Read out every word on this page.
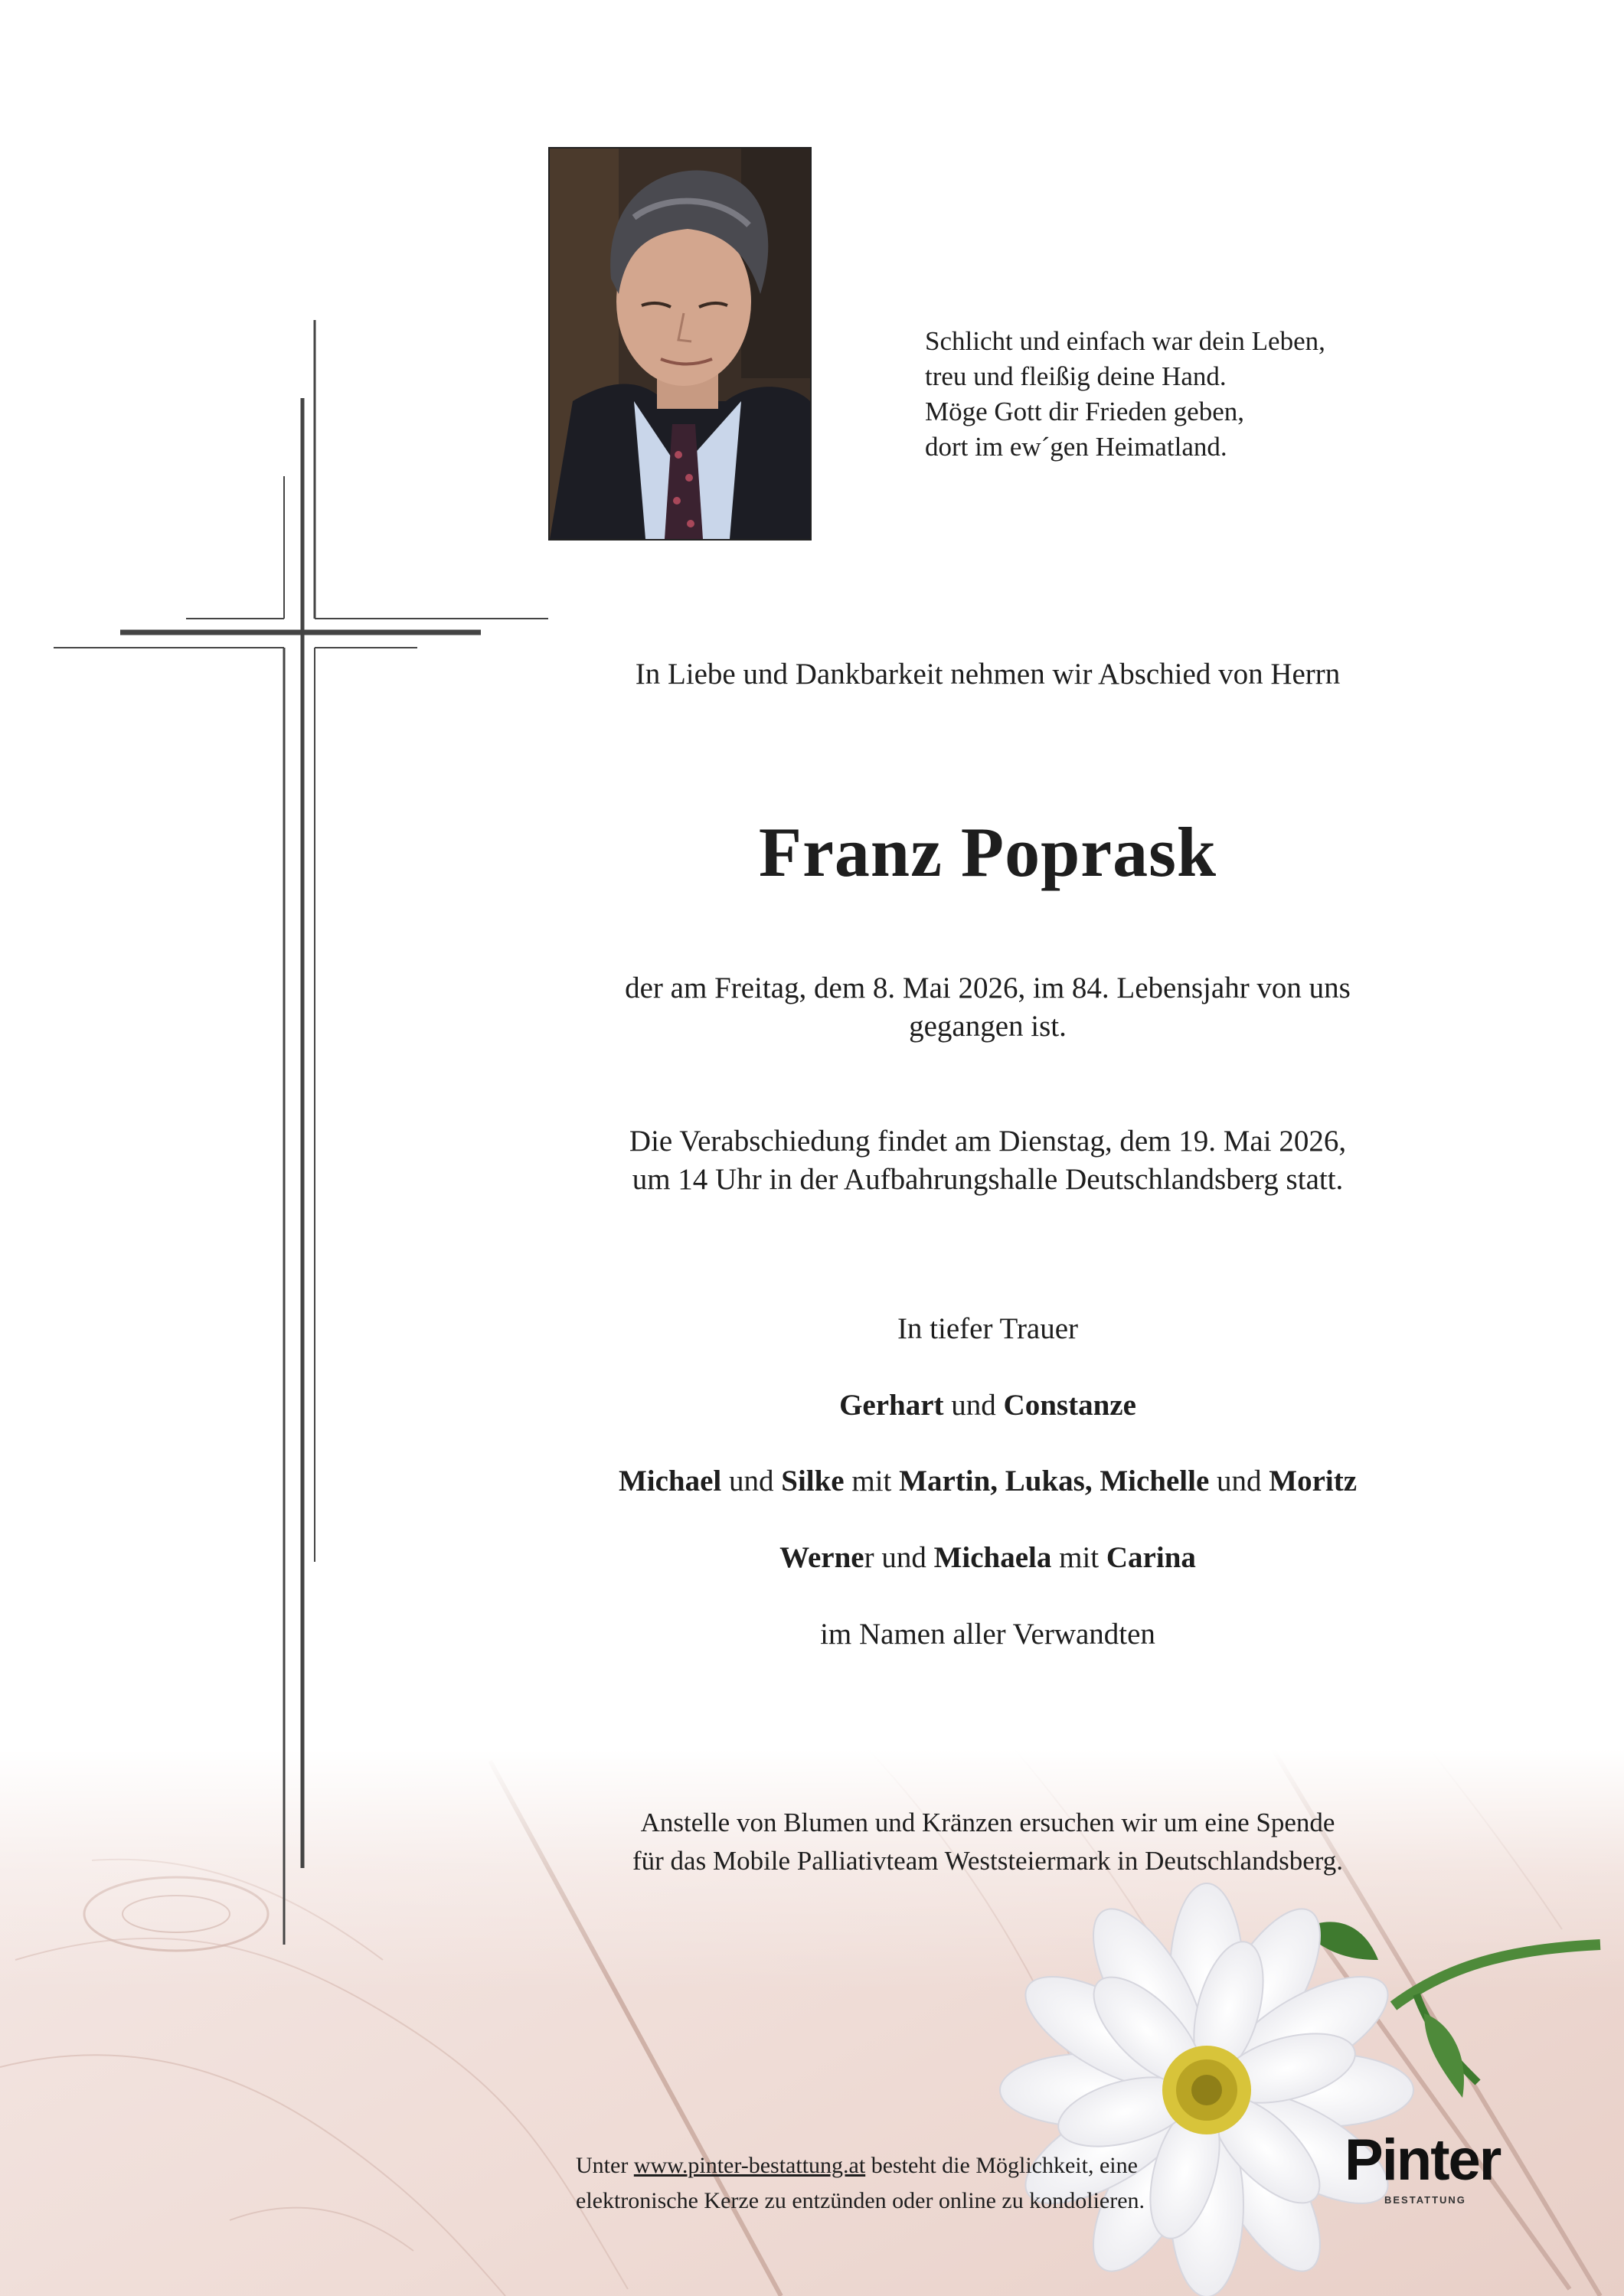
Schlicht und einfach war dein Leben,
treu und fleißig deine Hand.
Möge Gott dir Frieden geben,
dort im ew´gen Heimatland.
In Liebe und Dankbarkeit nehmen wir Abschied von Herrn
Franz Poprask
der am Freitag, dem 8. Mai 2026, im 84. Lebensjahr von uns
gegangen ist.
Die Verabschiedung findet am Dienstag, dem 19. Mai 2026,
um 14 Uhr in der Aufbahrungshalle Deutschlandsberg statt.
In tiefer Trauer
Gerhart und Constanze
Michael und Silke mit Martin, Lukas, Michelle und Moritz
Werner und Michaela mit Carina
im Namen aller Verwandten
Anstelle von Blumen und Kränzen ersuchen wir um eine Spende
für das Mobile Palliativteam Weststeiermark in Deutschlandsberg.
Unter www.pinter-bestattung.at besteht die Möglichkeit, eine
elektronische Kerze zu entzünden oder online zu kondolieren.
Pinter
BESTATTUNG
